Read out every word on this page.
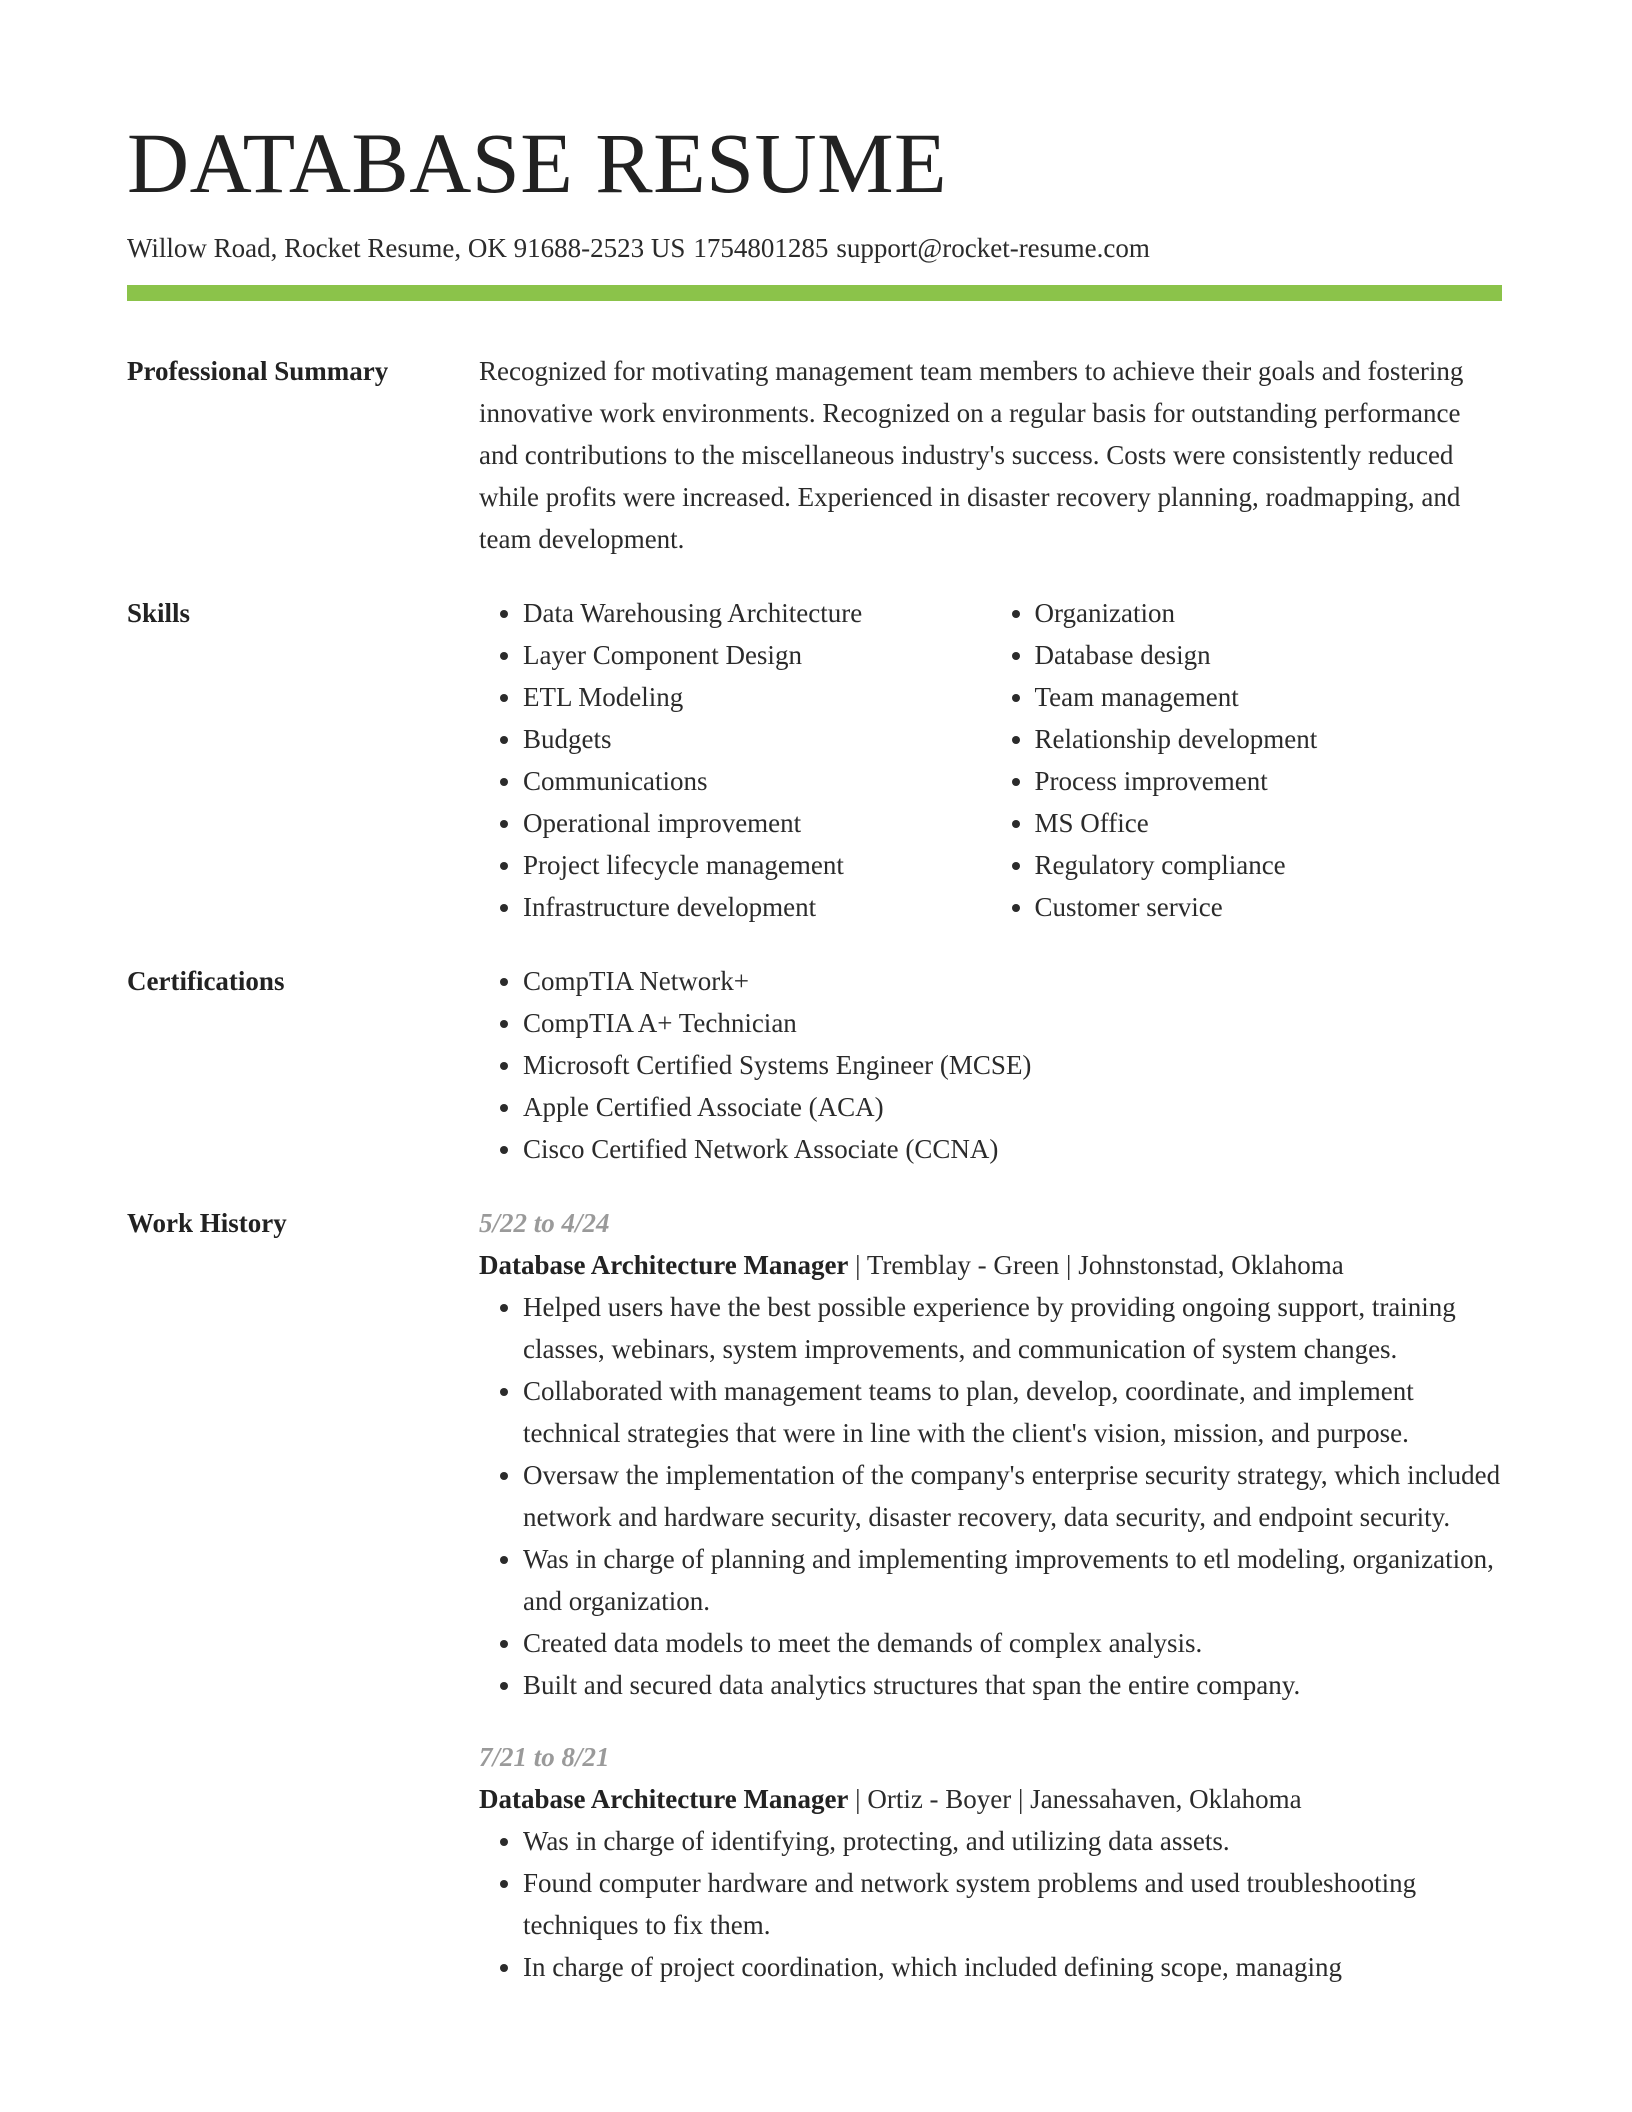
DATABASE RESUME
Willow Road, Rocket Resume, OK 91688-2523 US 1754801285 support@rocket-resume.com
Professional Summary	Recognized for motivating management team members to achieve their goals and fostering innovative work environments. Recognized on a regular basis for outstanding performance and contributions to the miscellaneous industry's success. Costs were consistently reduced while profits were increased. Experienced in disaster recovery planning, roadmapping, and team development.

Skills	• Data Warehousing Architecture
• Layer Component Design
• ETL Modeling
• Budgets
• Communications
• Operational improvement
• Project lifecycle management
• Infrastructure development
• Organization
• Database design
• Team management
• Relationship development
• Process improvement
• MS Office
• Regulatory compliance
• Customer service
Certifications	• CompTIA Network+
• CompTIA A+ Technician
• Microsoft Certified Systems Engineer (MCSE)
• Apple Certified Associate (ACA)
• Cisco Certified Network Associate (CCNA)
Work History	5/22 to 4/24

Database Architecture Manager | Tremblay - Green | Johnstonstad, Oklahoma

• Helped users have the best possible experience by providing ongoing support, training classes, webinars, system improvements, and communication of system changes.
• Collaborated with management teams to plan, develop, coordinate, and implement technical strategies that were in line with the client's vision, mission, and purpose.
• Oversaw the implementation of the company's enterprise security strategy, which included network and hardware security, disaster recovery, data security, and endpoint security.
• Was in charge of planning and implementing improvements to etl modeling, organization, and organization.
• Created data models to meet the demands of complex analysis.
• Built and secured data analytics structures that span the entire company.

7/21 to 8/21

Database Architecture Manager | Ortiz - Boyer | Janessahaven, Oklahoma

• Was in charge of identifying, protecting, and utilizing data assets.
• Found computer hardware and network system problems and used troubleshooting techniques to fix them.
• In charge of project coordination, which included defining scope, managing
